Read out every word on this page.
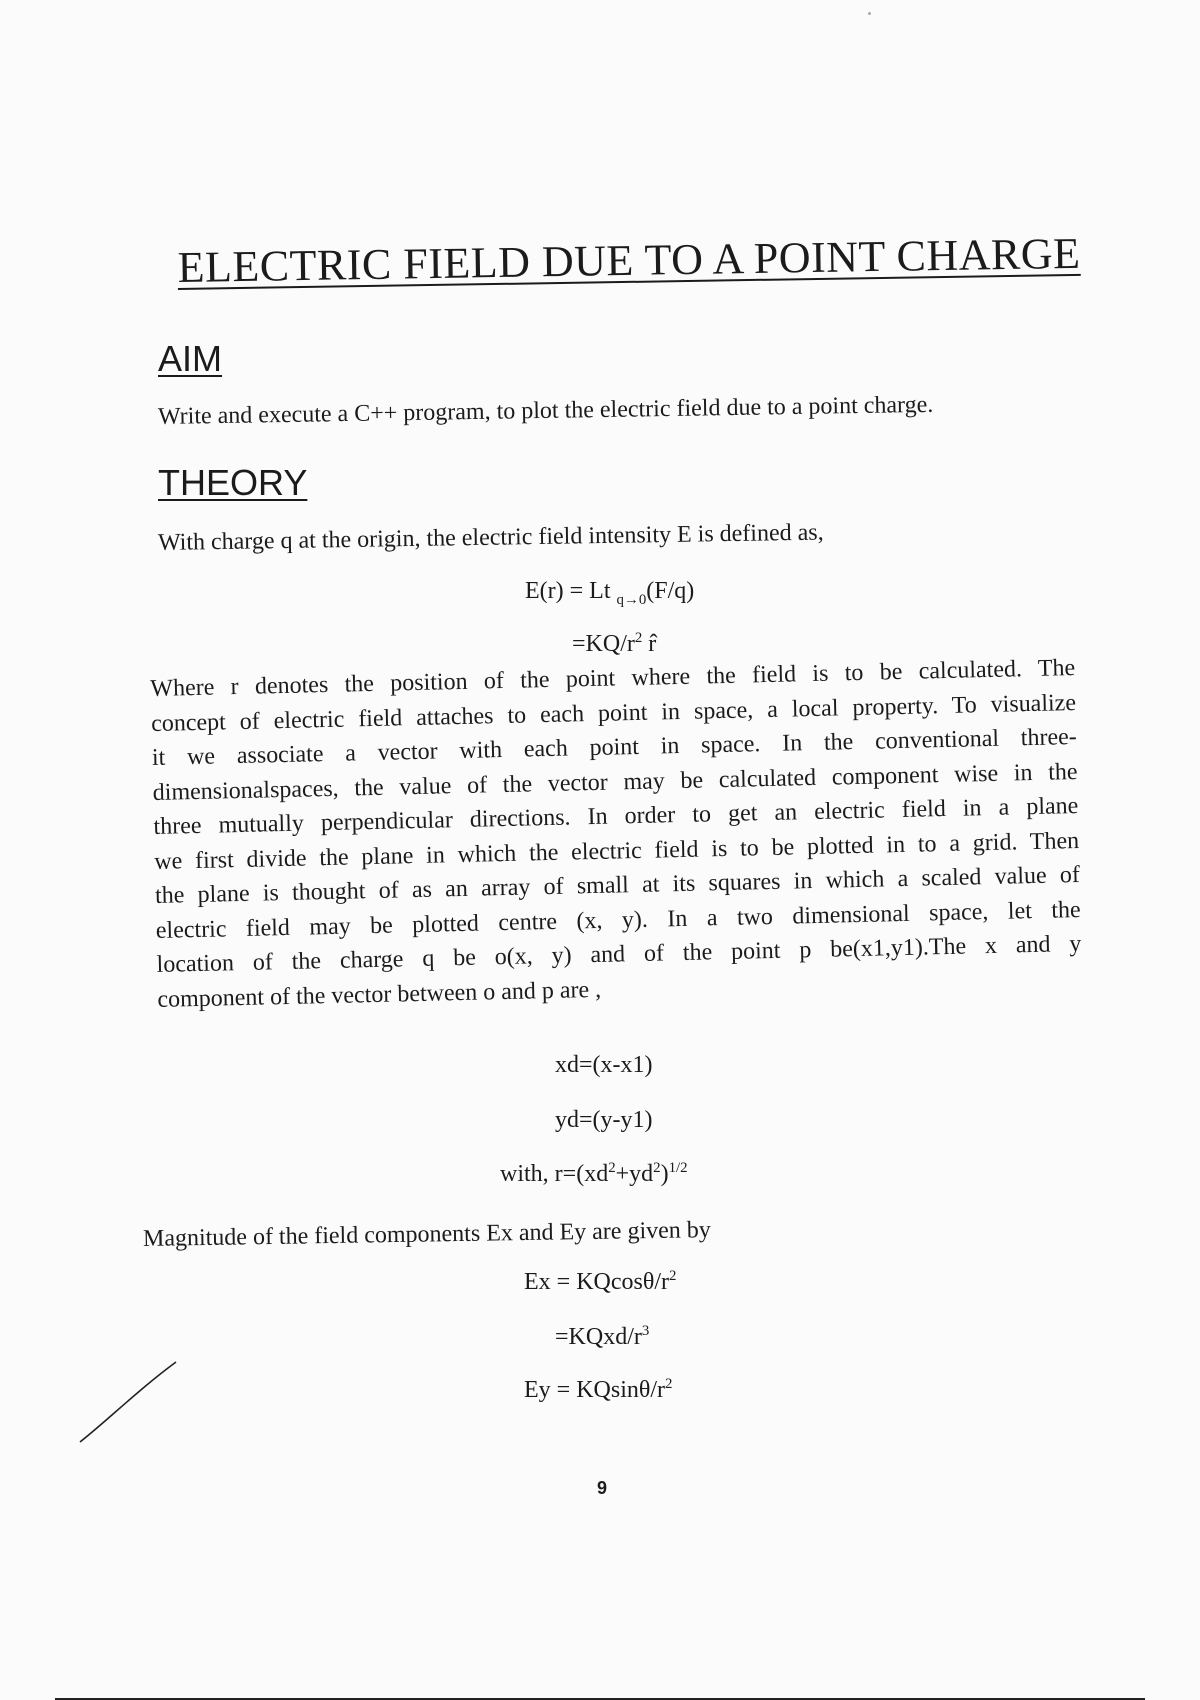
ELECTRIC FIELD DUE TO A POINT CHARGE
AIM

Write and execute a C++ program, to plot the electric field due to a point charge.

THEORY

With charge q at the origin, the electric field intensity E is defined as,

E(r) = Lt $_{q\to 0}$(F/q)

$=KQ/r^2$ r̂

Where r denotes the position of the point where the field is to be calculated. The
concept of electric field attaches to each point in space, a local property. To visualize
it we associate a vector with each point in space. In the conventional three-
dimensionalspaces, the value of the vector may be calculated component wise in the
three mutually perpendicular directions. In order to get an electric field in a plane
we first divide the plane in which the electric field is to be plotted in to a grid. Then
the plane is thought of as an array of small at its squares in which a scaled value of
electric field may be plotted centre (x, y). In a two dimensional space, let the
location of the charge q be o(x, y) and of the point p be(x1,y1).The x and y
component of the vector between o and p are ,

xd=(x-x1)

yd=(y-y1)

with, $r=(xd^2+yd^2)^{1/2}$

Magnitude of the field components Ex and Ey are given by

Ex = KQcosθ/$r^2$

$=KQxd/r^3$

Ey = KQsinθ/$r^2$

9
